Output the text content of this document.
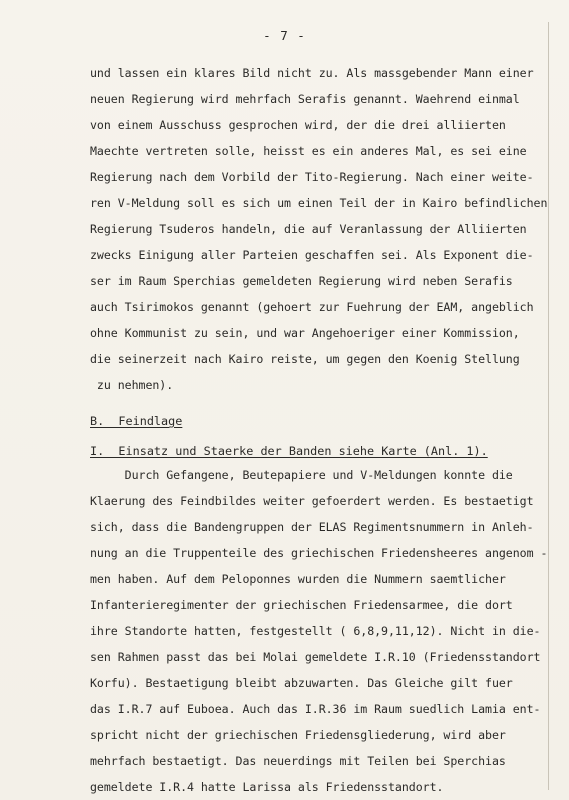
- 7 -
und lassen ein klares Bild nicht zu. Als massgebender Mann einer
neuen Regierung wird mehrfach Serafis genannt. Waehrend einmal
von einem Ausschuss gesprochen wird, der die drei alliierten
Maechte vertreten solle, heisst es ein anderes Mal, es sei eine
Regierung nach dem Vorbild der Tito-Regierung. Nach einer weite-
ren V-Meldung soll es sich um einen Teil der in Kairo befindlichen
Regierung Tsuderos handeln, die auf Veranlassung der Alliierten
zwecks Einigung aller Parteien geschaffen sei. Als Exponent die-
ser im Raum Sperchias gemeldeten Regierung wird neben Serafis
auch Tsirimokos genannt (gehoert zur Fuehrung der EAM, angeblich
ohne Kommunist zu sein, und war Angehoeriger einer Kommission,
die seinerzeit nach Kairo reiste, um gegen den Koenig Stellung
zu nehmen).
B.  Feindlage
I.  Einsatz und Staerke der Banden siehe Karte (Anl. 1).
Durch Gefangene, Beutepapiere und V-Meldungen konnte die
Klaerung des Feindbildes weiter gefoerdert werden. Es bestaetigt
sich, dass die Bandengruppen der ELAS Regimentsnummern in Anleh-
nung an die Truppenteile des griechischen Friedensheeres angenom -
men haben. Auf dem Peloponnes wurden die Nummern saemtlicher
Infanterieregimenter der griechischen Friedensarmee, die dort
ihre Standorte hatten, festgestellt ( 6,8,9,11,12). Nicht in die-
sen Rahmen passt das bei Molai gemeldete I.R.10 (Friedensstandort
Korfu). Bestaetigung bleibt abzuwarten. Das Gleiche gilt fuer
das I.R.7 auf Euboea. Auch das I.R.36 im Raum suedlich Lamia ent-
spricht nicht der griechischen Friedensgliederung, wird aber
mehrfach bestaetigt. Das neuerdings mit Teilen bei Sperchias
gemeldete I.R.4 hatte Larissa als Friedensstandort.
